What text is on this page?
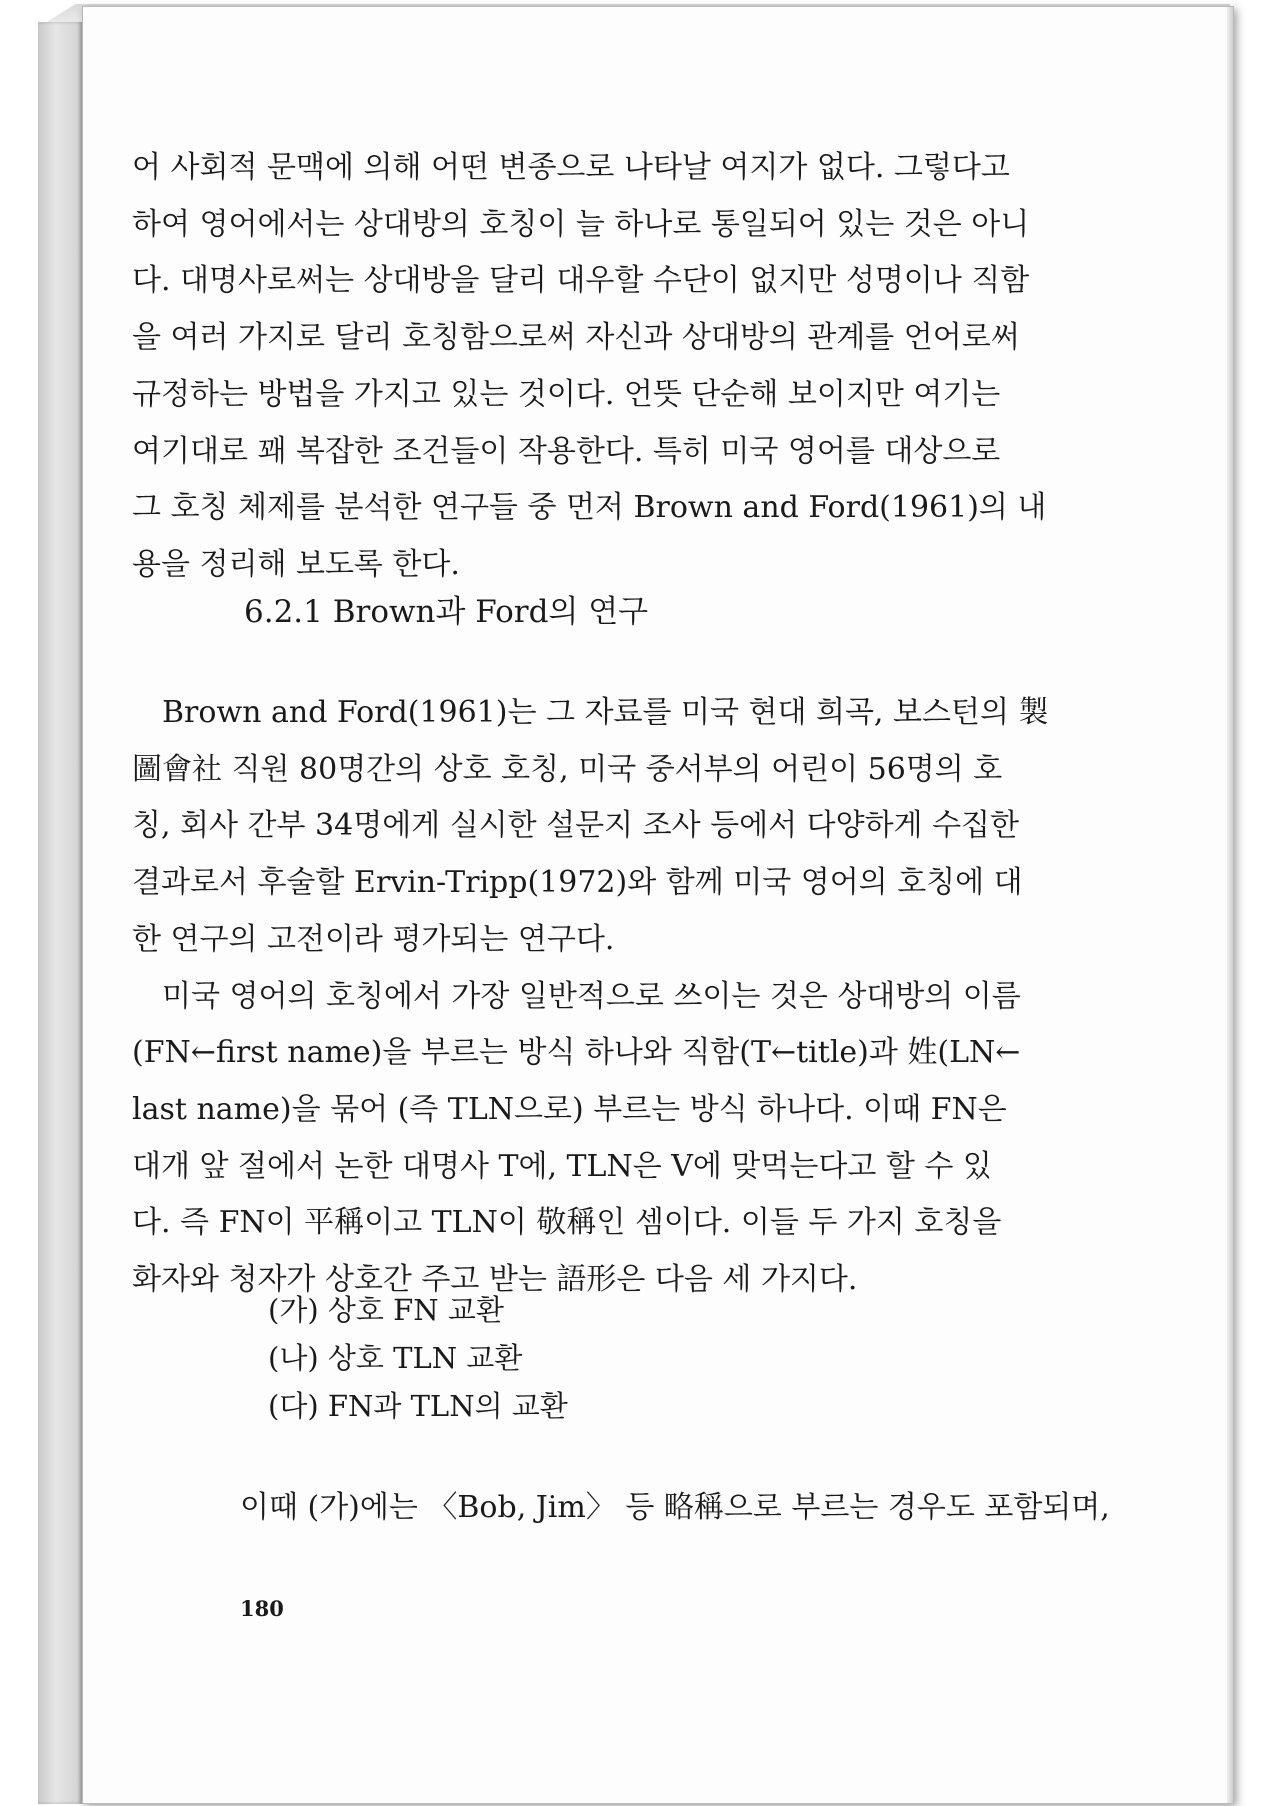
어 사회적 문맥에 의해 어떤 변종으로 나타날 여지가 없다. 그렇다고
하여 영어에서는 상대방의 호칭이 늘 하나로 통일되어 있는 것은 아니
다. 대명사로써는 상대방을 달리 대우할 수단이 없지만 성명이나 직함
을 여러 가지로 달리 호칭함으로써 자신과 상대방의 관계를 언어로써
규정하는 방법을 가지고 있는 것이다. 언뜻 단순해 보이지만 여기는
여기대로 꽤 복잡한 조건들이 작용한다. 특히 미국 영어를 대상으로
그 호칭 체제를 분석한 연구들 중 먼저 Brown and Ford(1961)의 내
용을 정리해 보도록 한다.

6.2.1 Brown과 Ford의 연구

Brown and Ford(1961)는 그 자료를 미국 현대 희곡, 보스턴의 製
圖會社 직원 80명간의 상호 호칭, 미국 중서부의 어린이 56명의 호
칭, 회사 간부 34명에게 실시한 설문지 조사 등에서 다양하게 수집한
결과로서 후술할 Ervin-Tripp(1972)와 함께 미국 영어의 호칭에 대
한 연구의 고전이라 평가되는 연구다.

미국 영어의 호칭에서 가장 일반적으로 쓰이는 것은 상대방의 이름
(FN←first name)을 부르는 방식 하나와 직함(T←title)과 姓(LN←
last name)을 묶어 (즉 TLN으로) 부르는 방식 하나다. 이때 FN은
대개 앞 절에서 논한 대명사 T에, TLN은 V에 맞먹는다고 할 수 있
다. 즉 FN이 平稱이고 TLN이 敬稱인 셈이다. 이들 두 가지 호칭을
화자와 청자가 상호간 주고 받는 語形은 다음 세 가지다.

(가) 상호 FN 교환
(나) 상호 TLN 교환
(다) FN과 TLN의 교환

이때 (가)에는 〈Bob, Jim〉 등 略稱으로 부르는 경우도 포함되며,

180
